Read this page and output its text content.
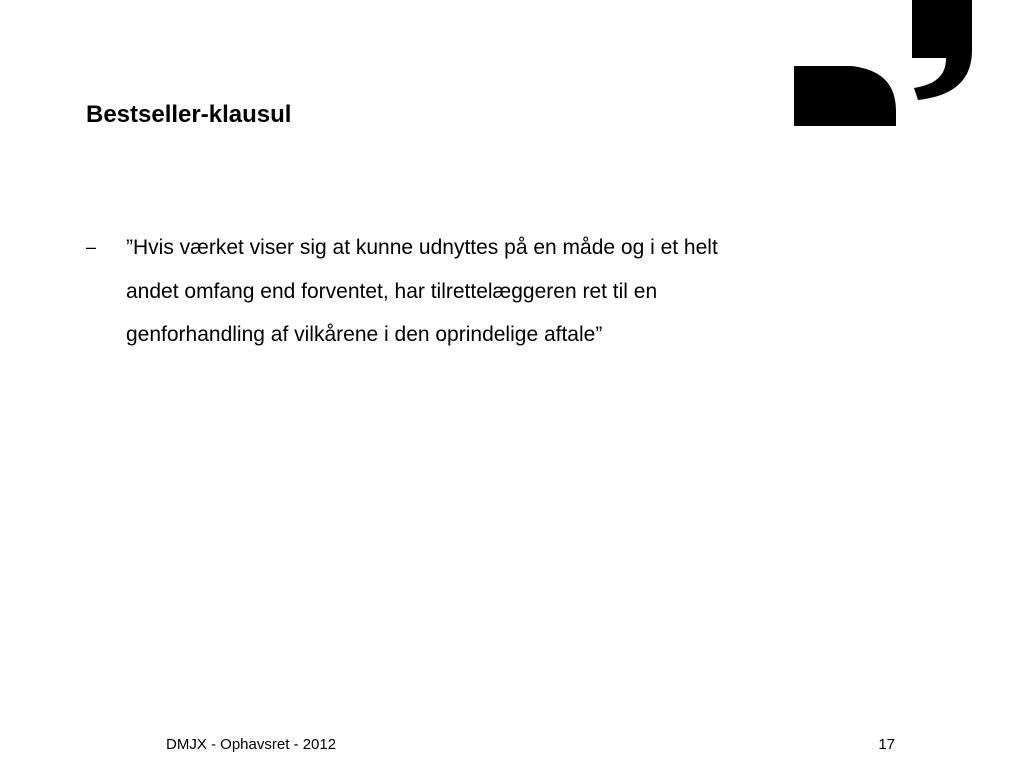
Bestseller-klausul
– ”Hvis værket viser sig at kunne udnyttes på en måde og i et helt andet omfang end forventet, har tilrettelæggeren ret til en genforhandling af vilkårene i den oprindelige aftale”
DMJX - Ophavsret - 2012	17
